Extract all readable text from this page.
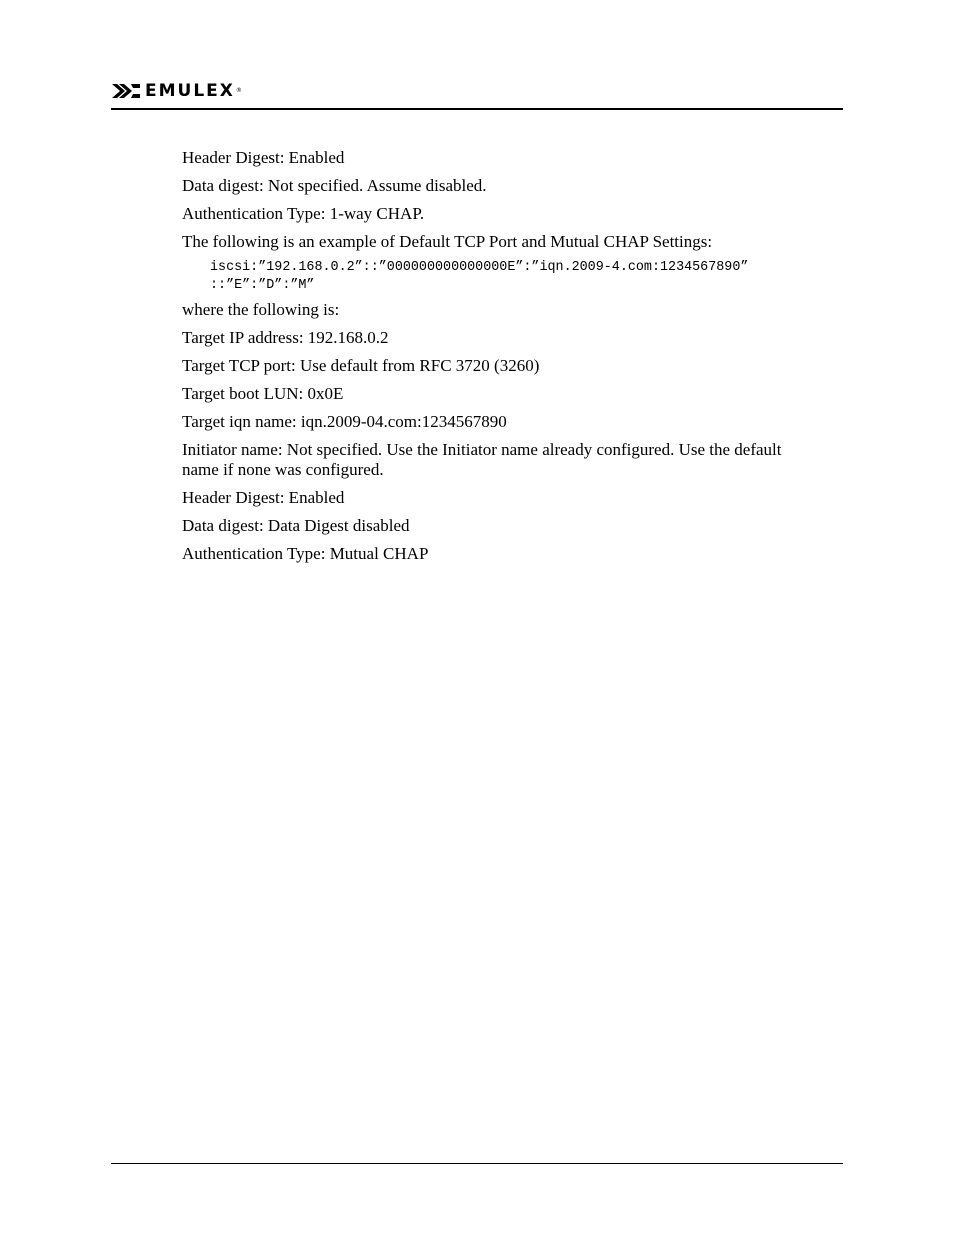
EMULEX ®

Header Digest: Enabled

Data digest: Not specified. Assume disabled.

Authentication Type: 1-way CHAP.

The following is an example of Default TCP Port and Mutual CHAP Settings:

iscsi:”192.168.0.2”::”000000000000000E”:”iqn.2009-4.com:1234567890”
::”E”:”D”:”M”

where the following is:

Target IP address: 192.168.0.2

Target TCP port: Use default from RFC 3720 (3260)

Target boot LUN: 0x0E

Target iqn name: iqn.2009-04.com:1234567890

Initiator name: Not specified. Use the Initiator name already configured. Use the default name if none was configured.

Header Digest: Enabled

Data digest: Data Digest disabled

Authentication Type: Mutual CHAP
